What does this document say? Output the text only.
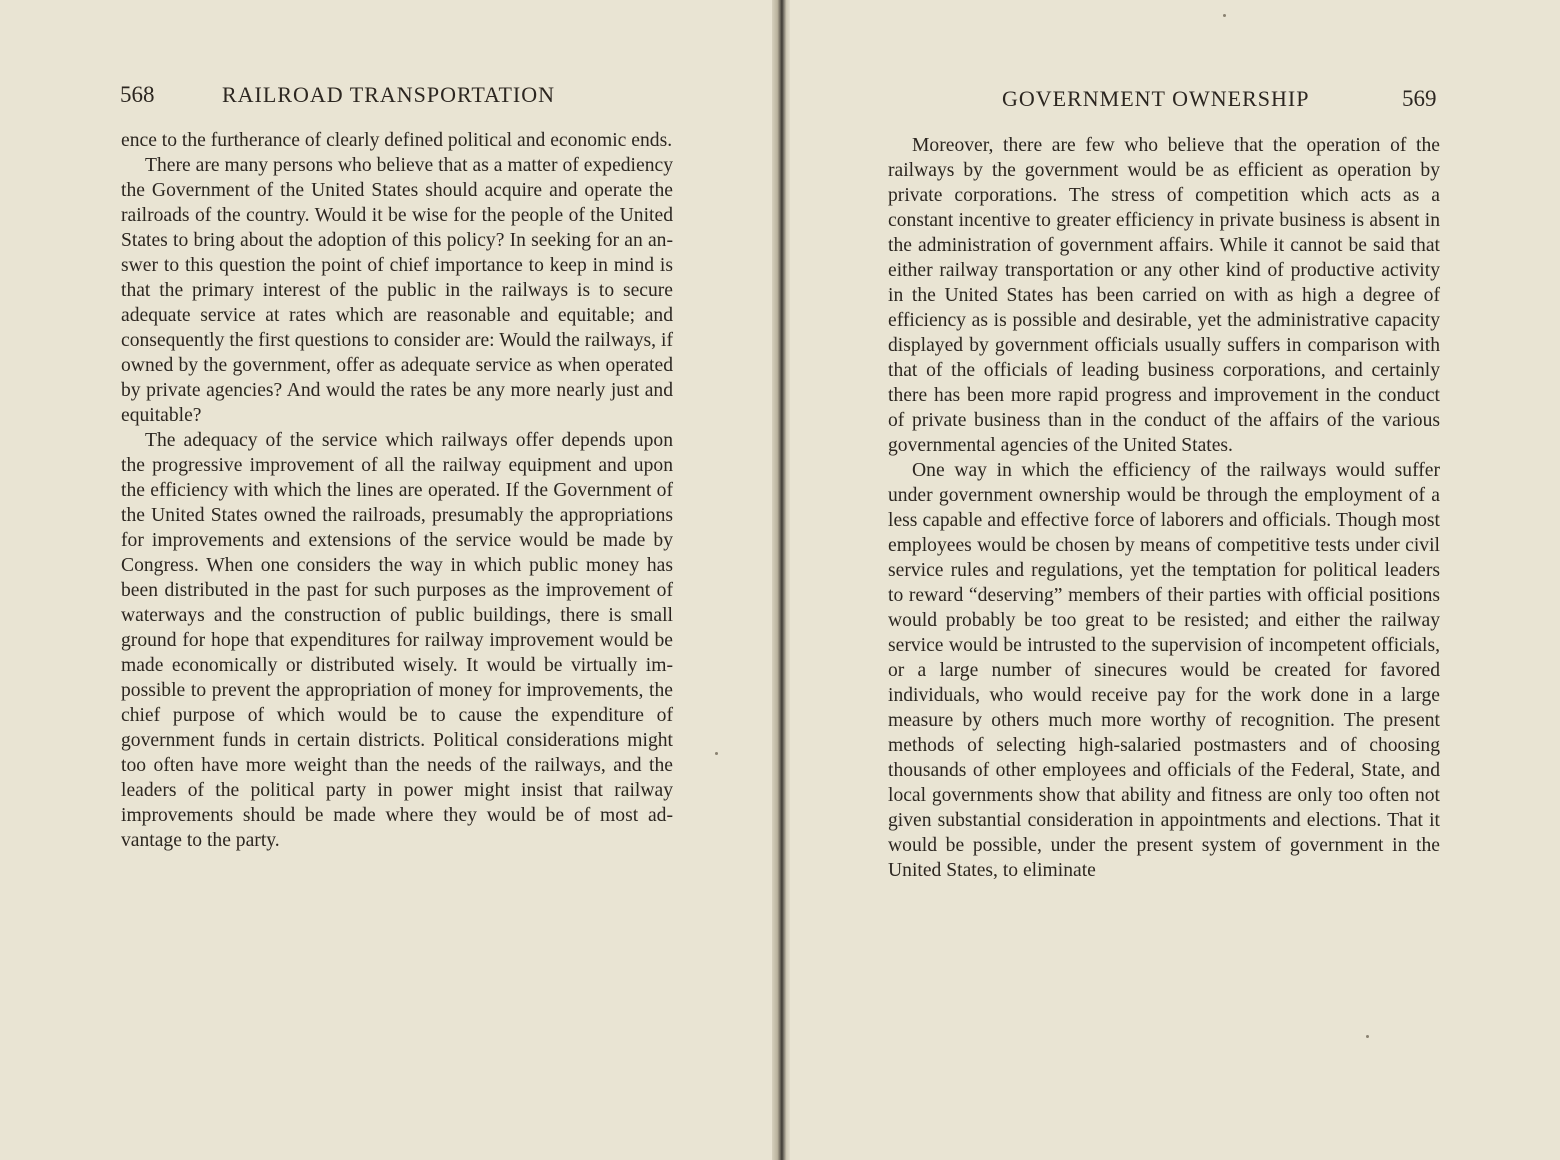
568	RAILROAD TRANSPORTATION

ence to the furtherance of clearly defined political and economic ends.

There are many persons who believe that as a matter of expediency the Government of the United States should acquire and operate the railroads of the country. Would it be wise for the people of the United States to bring about the adoption of this policy? In seeking for an answer to this question the point of chief importance to keep in mind is that the primary interest of the public in the railways is to secure adequate service at rates which are reasonable and equitable; and consequently the first questions to consider are: Would the railways, if owned by the government, offer as adequate service as when operated by private agencies? And would the rates be any more nearly just and equitable?

The adequacy of the service which railways offer depends upon the progressive improvement of all the railway equipment and upon the efficiency with which the lines are operated. If the Government of the United States owned the railroads, presumably the appropriations for improvements and extensions of the service would be made by Congress. When one considers the way in which public money has been distributed in the past for such purposes as the improvement of waterways and the construction of public buildings, there is small ground for hope that expenditures for railway improvement would be made economically or distributed wisely. It would be virtually impossible to prevent the appropriation of money for improvements, the chief purpose of which would be to cause the expenditure of government funds in certain districts. Political considerations might too often have more weight than the needs of the railways, and the leaders of the political party in power might insist that railway improvements should be made where they would be of most advantage to the party.

GOVERNMENT OWNERSHIP	569

Moreover, there are few who believe that the operation of the railways by the government would be as efficient as operation by private corporations. The stress of competition which acts as a constant incentive to greater efficiency in private business is absent in the administration of government affairs. While it cannot be said that either railway transportation or any other kind of productive activity in the United States has been carried on with as high a degree of efficiency as is possible and desirable, yet the administrative capacity displayed by government officials usually suffers in comparison with that of the officials of leading business corporations, and certainly there has been more rapid progress and improvement in the conduct of private business than in the conduct of the affairs of the various governmental agencies of the United States.

One way in which the efficiency of the railways would suffer under government ownership would be through the employment of a less capable and effective force of laborers and officials. Though most employees would be chosen by means of competitive tests under civil service rules and regulations, yet the temptation for political leaders to reward “deserving” members of their parties with official positions would probably be too great to be resisted; and either the railway service would be intrusted to the supervision of incompetent officials, or a large number of sinecures would be created for favored individuals, who would receive pay for the work done in a large measure by others much more worthy of recognition. The present methods of selecting high-salaried postmasters and of choosing thousands of other employees and officials of the Federal, State, and local governments show that ability and fitness are only too often not given substantial consideration in appointments and elections. That it would be possible, under the present system of government in the United States, to eliminate
